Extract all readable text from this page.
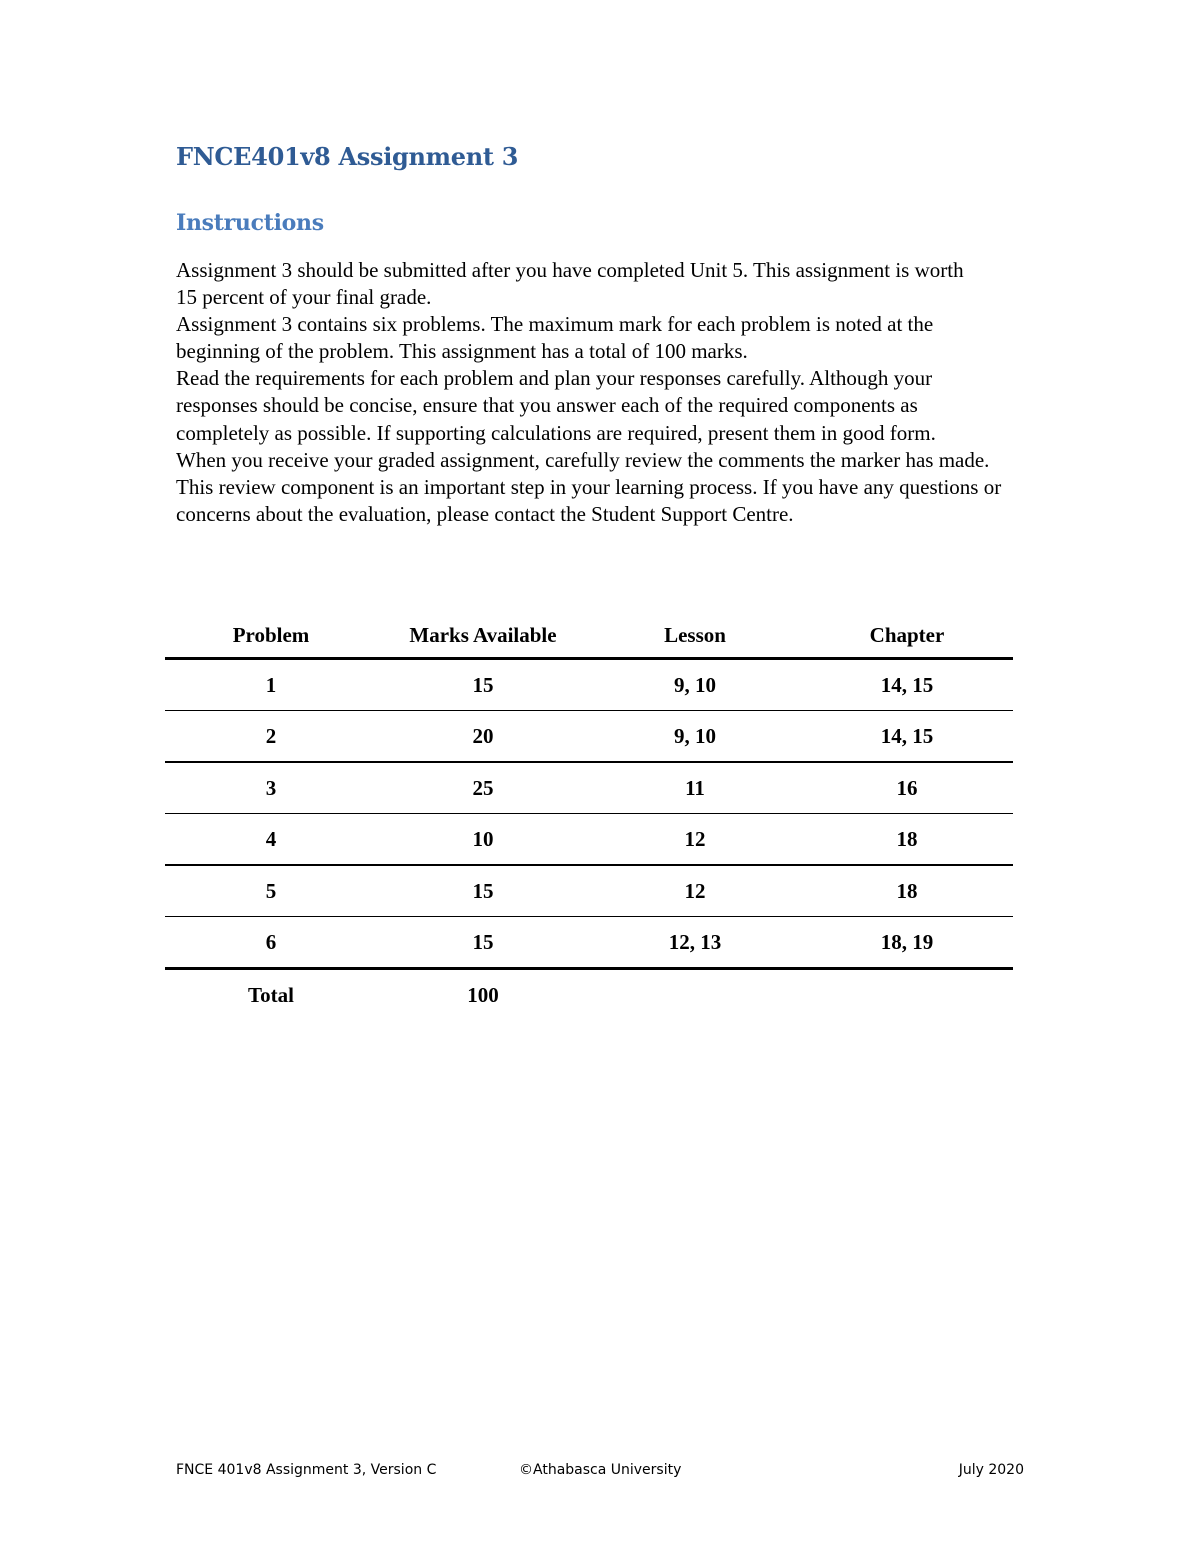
FNCE401v8 Assignment 3
Instructions

Assignment 3 should be submitted after you have completed Unit 5. This assignment is worth

15 percent of your final grade.

Assignment 3 contains six problems. The maximum mark for each problem is noted at the beginning of the problem. This assignment has a total of 100 marks.

Read the requirements for each problem and plan your responses carefully. Although your responses should be concise, ensure that you answer each of the required components as completely as possible. If supporting calculations are required, present them in good form.

When you receive your graded assignment, carefully review the comments the marker has made. This review component is an important step in your learning process. If you have any questions or concerns about the evaluation, please contact the Student Support Centre.

Problem	Marks Available	Lesson	Chapter
1	15	9, 10	14, 15
2	20	9, 10	14, 15
3	25	11	16
4	10	12	18
5	15	12	18
6	15	12, 13	18, 19
Total	100		
FNCE 401v8 Assignment 3, Version C	©Athabasca University	July 2020
